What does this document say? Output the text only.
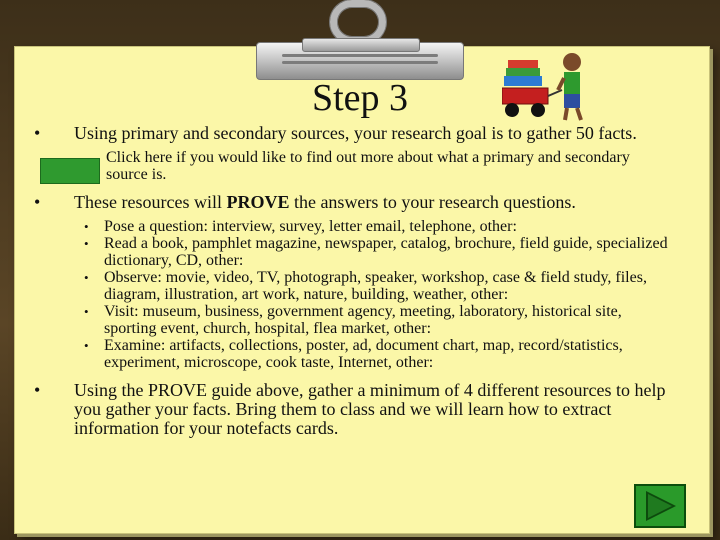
Step 3
• Using primary and secondary sources, your research goal is to gather 50 facts.
Click here if you would like to find out more about what a primary and secondary source is.
• These resources will PROVE the answers to your research questions.
• Pose a question: interview, survey, letter email, telephone, other:
• Read a book, pamphlet magazine, newspaper, catalog, brochure, field guide, specialized dictionary, CD, other:
• Observe: movie, video, TV, photograph, speaker, workshop, case & field study, files, diagram, illustration, art work, nature, building, weather, other:
• Visit: museum, business, government agency, meeting, laboratory, historical site, sporting event, church, hospital, flea market, other:
• Examine: artifacts, collections, poster, ad, document chart, map, record/statistics, experiment, microscope, cook taste, Internet, other:
• Using the PROVE guide above, gather a minimum of 4 different resources to help you gather your facts. Bring them to class and we will learn how to extract information for your notefacts cards.
